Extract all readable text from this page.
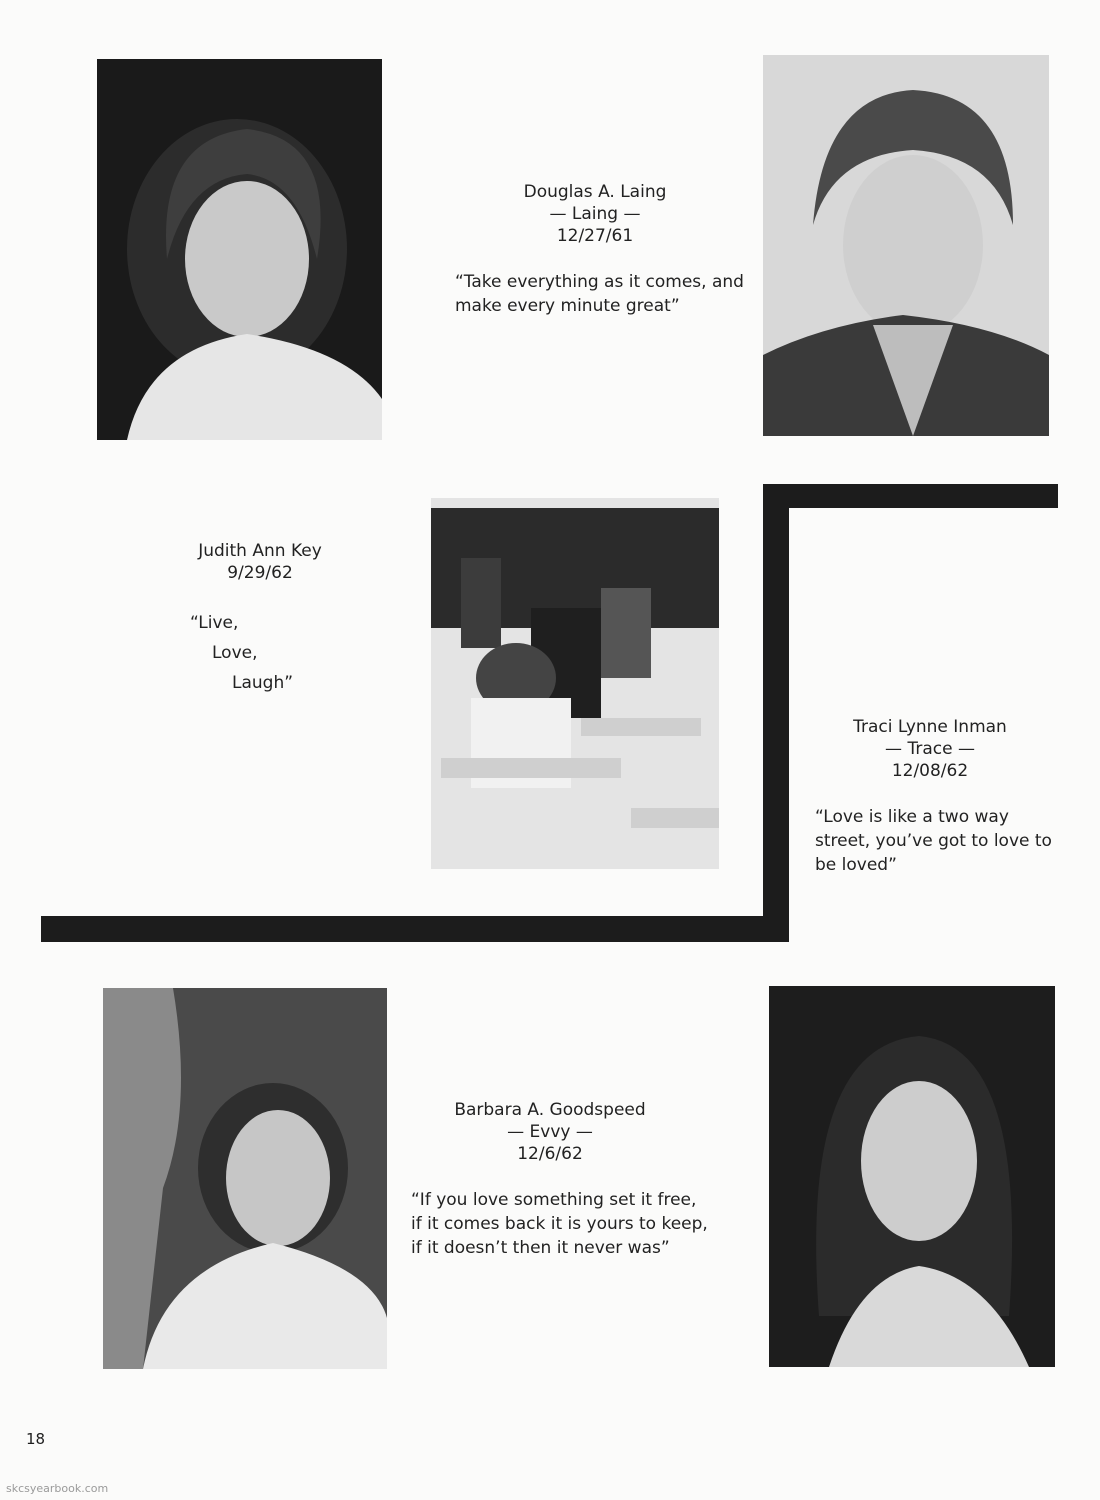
Douglas A. Laing
— Laing —
12/27/61
“Take everything as it comes, and
make every minute great”
Judith Ann Key
9/29/62
“Live,
Love,
Laugh”
Traci Lynne Inman
— Trace —
12/08/62
“Love is like a two way
street, you’ve got to love to
be loved”
Barbara A. Goodspeed
— Evvy —
12/6/62
“If you love something set it free,
if it comes back it is yours to keep,
if it doesn’t then it never was”
18
skcsyearbook.com
